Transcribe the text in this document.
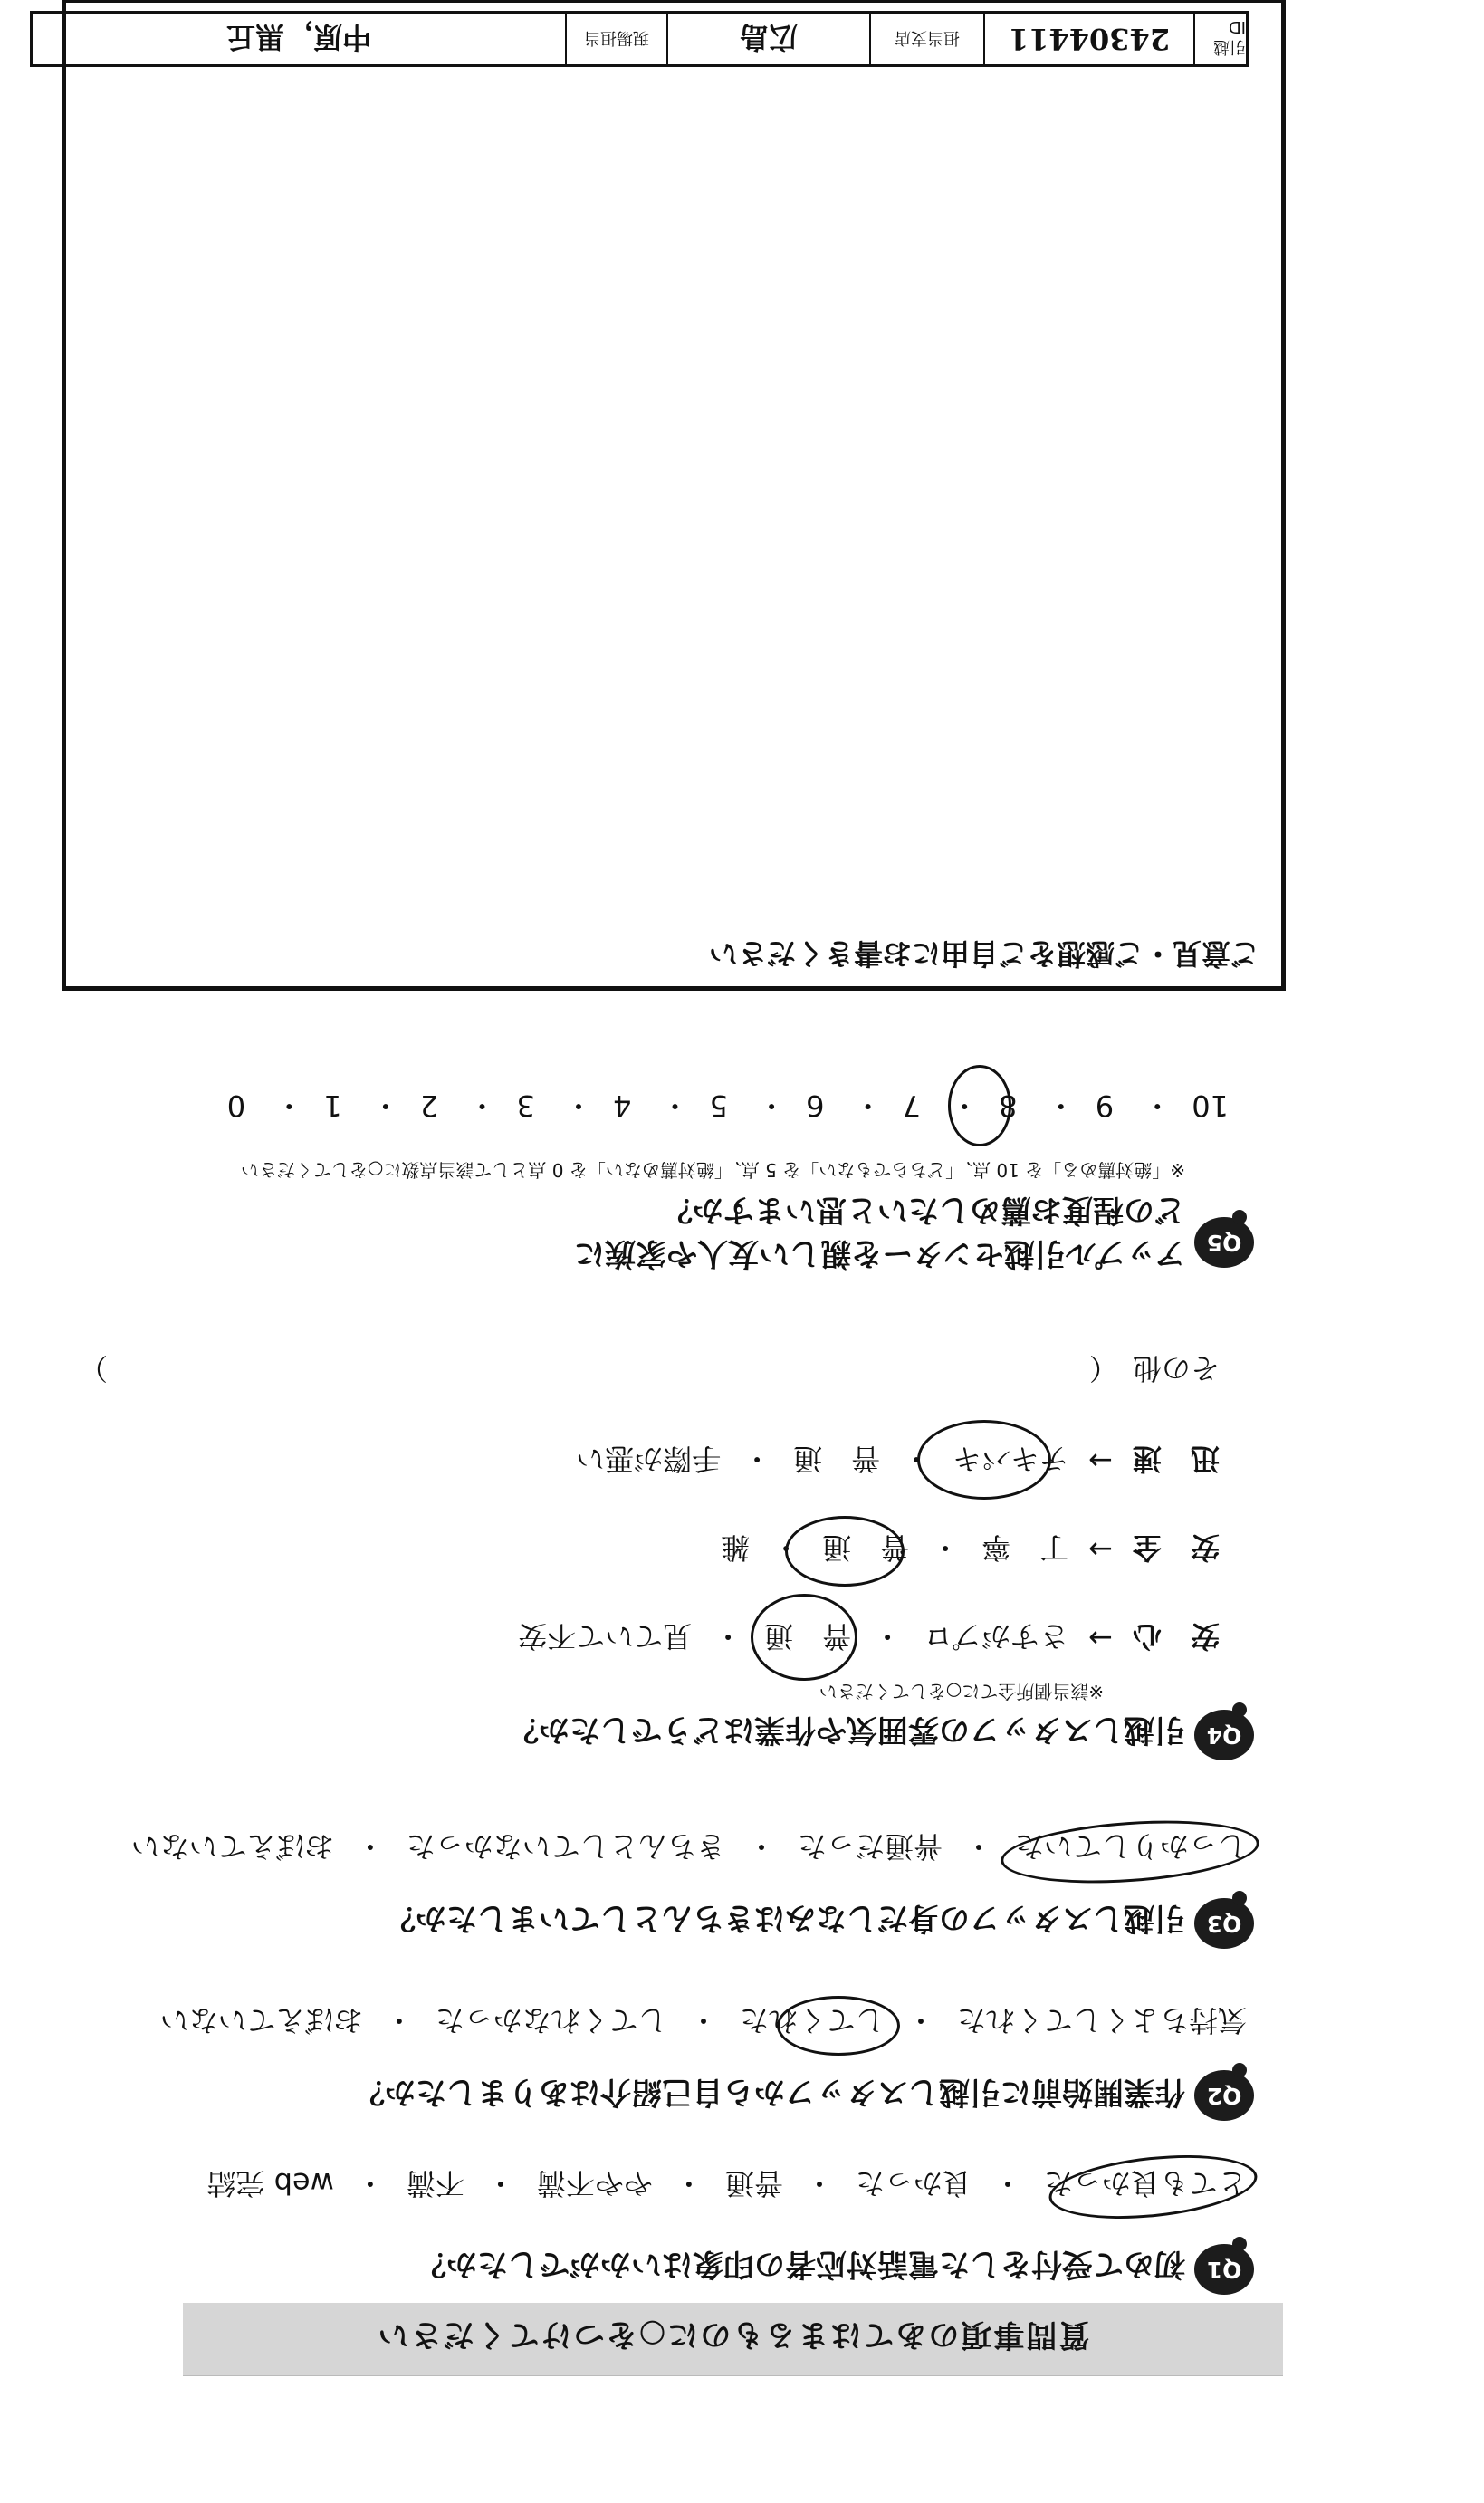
質問事項のあてはまるものに○をつけてください
Q1
初めて受付をした電話対応者の印象はいかがでしたか？
とても良かった
・
良かった
・
普通
・
やや不満
・
不満
・
web 完結
Q2
作業開始前に引越しスタッフから自己紹介はありましたか？
気持ちよくしてくれた
・
してくれた
・
してくれなかった
・
おぼえていない
Q3
引越しスタッフの身だしなみはきちんとしていましたか？
しっかりしていた
・
普通だった
・
きちんとしていなかった
・
おぼえていない
Q4
引越しスタッフの雰囲気や作業はどうでしたか？
※該当個所全てに○をしてください
安　心
→
さすがプロ
・
普　通
・
見ていて不安
安　全
→
丁　寧
・
普　通
・
雑
迅　速
→
テキパキ
・
普　通
・
手際が悪い
その他　（
）
Q5
アップル引越センターを親しい友人や家族に
どの程度お薦めしたいと思いますか？
※「絶対薦める」を 10 点、「どちらでもない」を 5 点、「絶対薦めない」を 0 点として該当点数に○をしてください
10・ 9・ 8・ 7・ 6・ 5・ 4・ 3・ 2・ 1・ 0
ご意見・ご感想をご自由にお書きください
引越 ID
24304411
担当支店
広島
現場担当
中原，黒丘
